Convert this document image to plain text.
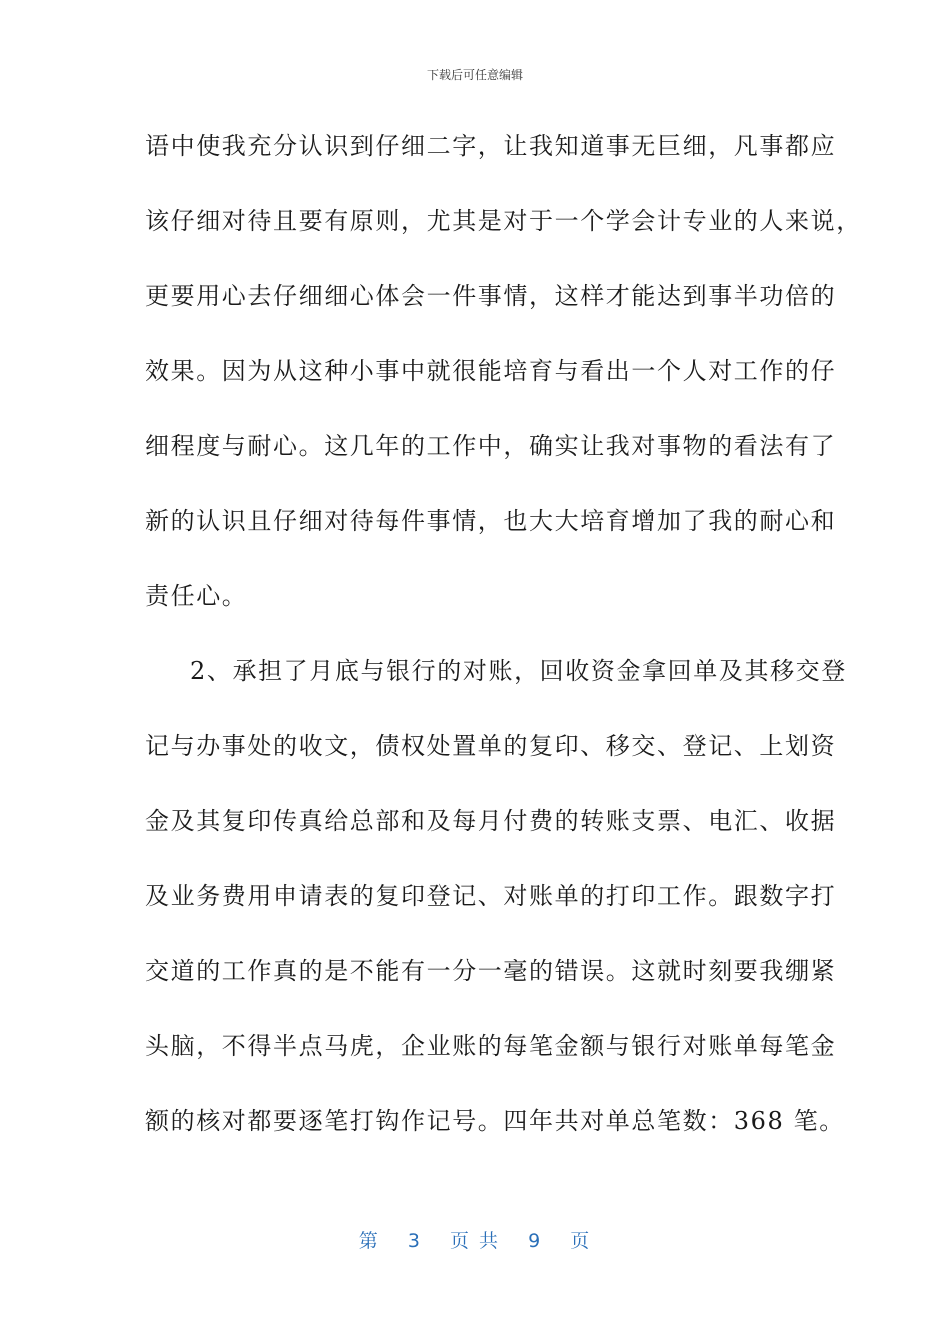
下载后可任意编辑
语中使我充分认识到仔细二字，让我知道事无巨细，凡事都应
该仔细对待且要有原则，尤其是对于一个学会计专业的人来说，
更要用心去仔细细心体会一件事情，这样才能达到事半功倍的
效果。因为从这种小事中就很能培育与看出一个人对工作的仔
细程度与耐心。这几年的工作中，确实让我对事物的看法有了
新的认识且仔细对待每件事情，也大大培育增加了我的耐心和
责任心。
2、承担了月底与银行的对账，回收资金拿回单及其移交登
记与办事处的收文，债权处置单的复印、移交、登记、上划资
金及其复印传真给总部和及每月付费的转账支票、电汇、收据
及业务费用申请表的复印登记、对账单的打印工作。跟数字打
交道的工作真的是不能有一分一毫的错误。这就时刻要我绷紧
头脑，不得半点马虎，企业账的每笔金额与银行对账单每笔金
额的核对都要逐笔打钩作记号。四年共对单总笔数：368 笔。
第 3 页 共 9 页
